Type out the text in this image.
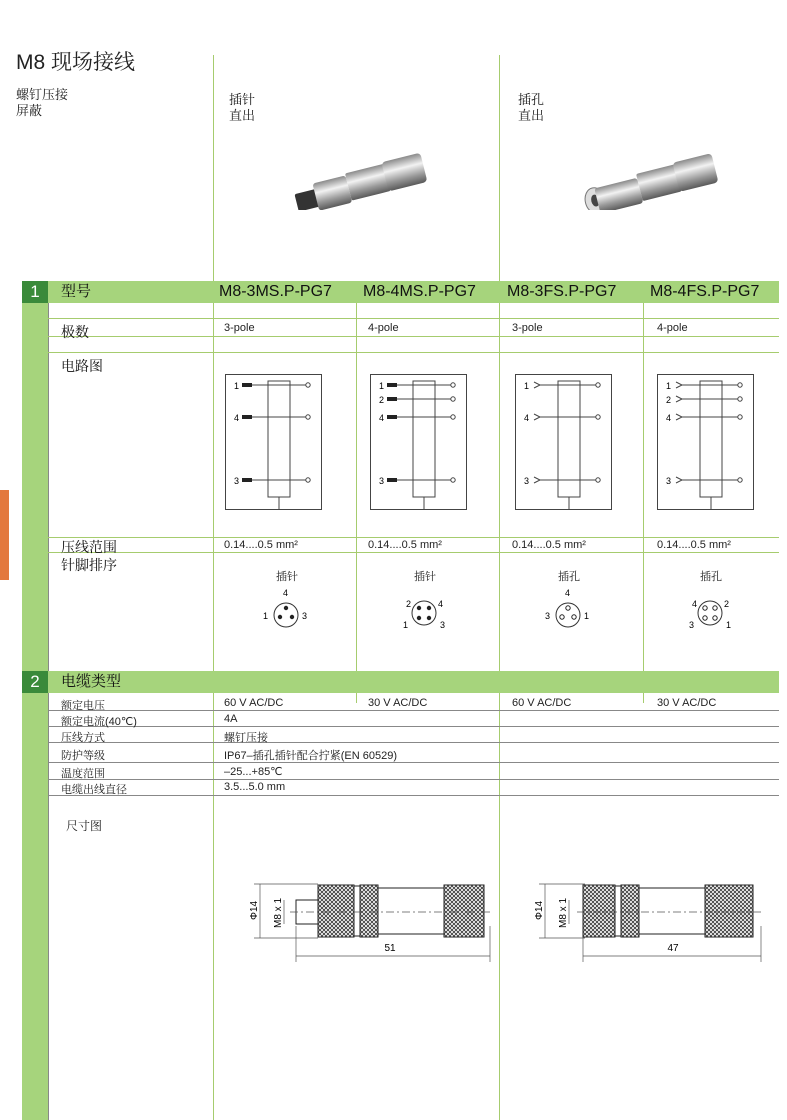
M8 现场接线
螺钉压接
屏蔽
插针
直出
插孔
直出
1	型号	M8-3MS.P-PG7 M8-4MS.P-PG7 M8-3FS.P-PG7 M8-4FS.P-PG7
极数	3-pole	4-pole	3-pole	4-pole
电路图
1
4
3
1
2
4
3
1
4
3
1
2
4
3
压线范围	0.14....0.5 mm²	0.14....0.5 mm²	0.14....0.5 mm²	0.14....0.5 mm²
针脚排序
插针	插针	插孔	插孔
4
1	3
2	4
1	3
4
3	1
4	2
3	1
2	电缆类型
额定电压	60 V AC/DC	30 V AC/DC	60 V AC/DC	30 V AC/DC
额定电流(40℃)	4A
压线方式	螺钉压接
防护等级	IP67–插孔插针配合拧紧(EN 60529)
温度范围	–25...+85℃
电缆出线直径	3.5...5.0 mm
尺寸图
Φ14 M8 x 1
51
Φ14 M8 x 1
47
